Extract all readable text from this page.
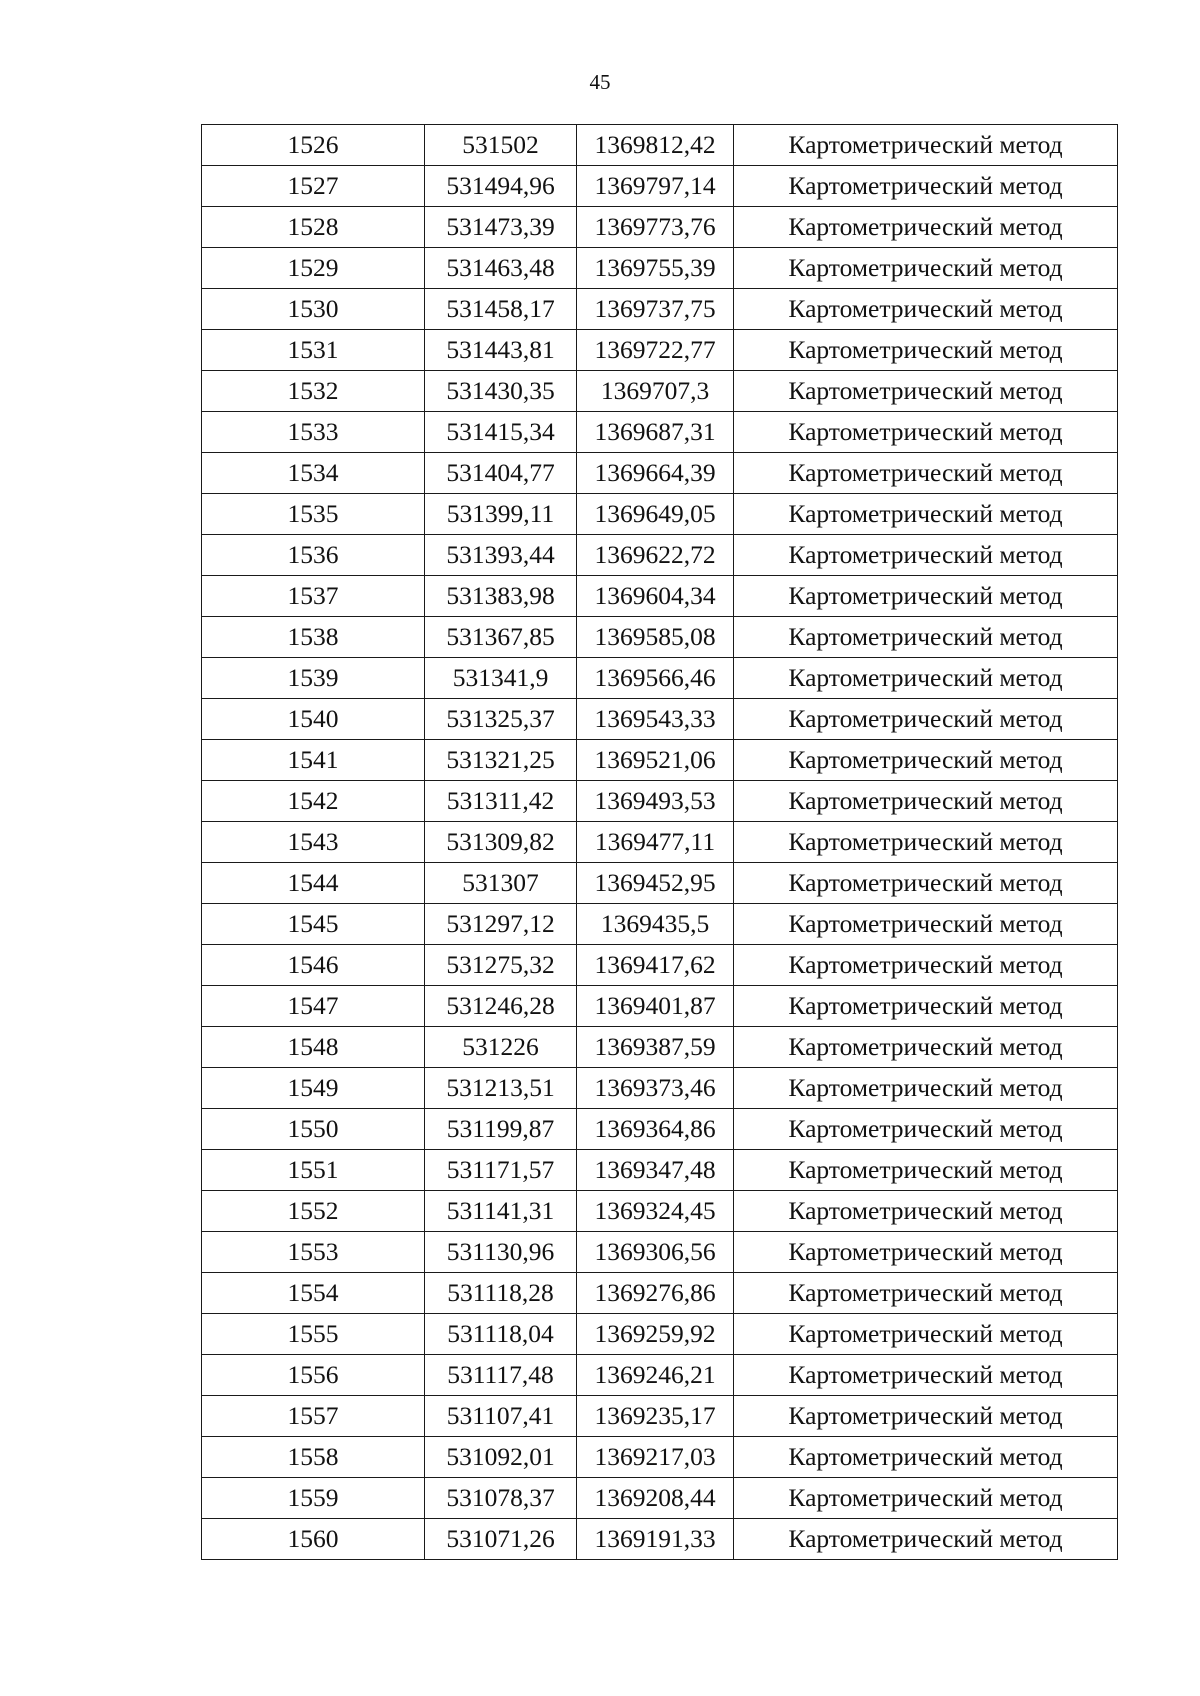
45
1526	531502	1369812,42	Картометрический метод
1527	531494,96	1369797,14	Картометрический метод
1528	531473,39	1369773,76	Картометрический метод
1529	531463,48	1369755,39	Картометрический метод
1530	531458,17	1369737,75	Картометрический метод
1531	531443,81	1369722,77	Картометрический метод
1532	531430,35	1369707,3	Картометрический метод
1533	531415,34	1369687,31	Картометрический метод
1534	531404,77	1369664,39	Картометрический метод
1535	531399,11	1369649,05	Картометрический метод
1536	531393,44	1369622,72	Картометрический метод
1537	531383,98	1369604,34	Картометрический метод
1538	531367,85	1369585,08	Картометрический метод
1539	531341,9	1369566,46	Картометрический метод
1540	531325,37	1369543,33	Картометрический метод
1541	531321,25	1369521,06	Картометрический метод
1542	531311,42	1369493,53	Картометрический метод
1543	531309,82	1369477,11	Картометрический метод
1544	531307	1369452,95	Картометрический метод
1545	531297,12	1369435,5	Картометрический метод
1546	531275,32	1369417,62	Картометрический метод
1547	531246,28	1369401,87	Картометрический метод
1548	531226	1369387,59	Картометрический метод
1549	531213,51	1369373,46	Картометрический метод
1550	531199,87	1369364,86	Картометрический метод
1551	531171,57	1369347,48	Картометрический метод
1552	531141,31	1369324,45	Картометрический метод
1553	531130,96	1369306,56	Картометрический метод
1554	531118,28	1369276,86	Картометрический метод
1555	531118,04	1369259,92	Картометрический метод
1556	531117,48	1369246,21	Картометрический метод
1557	531107,41	1369235,17	Картометрический метод
1558	531092,01	1369217,03	Картометрический метод
1559	531078,37	1369208,44	Картометрический метод
1560	531071,26	1369191,33	Картометрический метод
